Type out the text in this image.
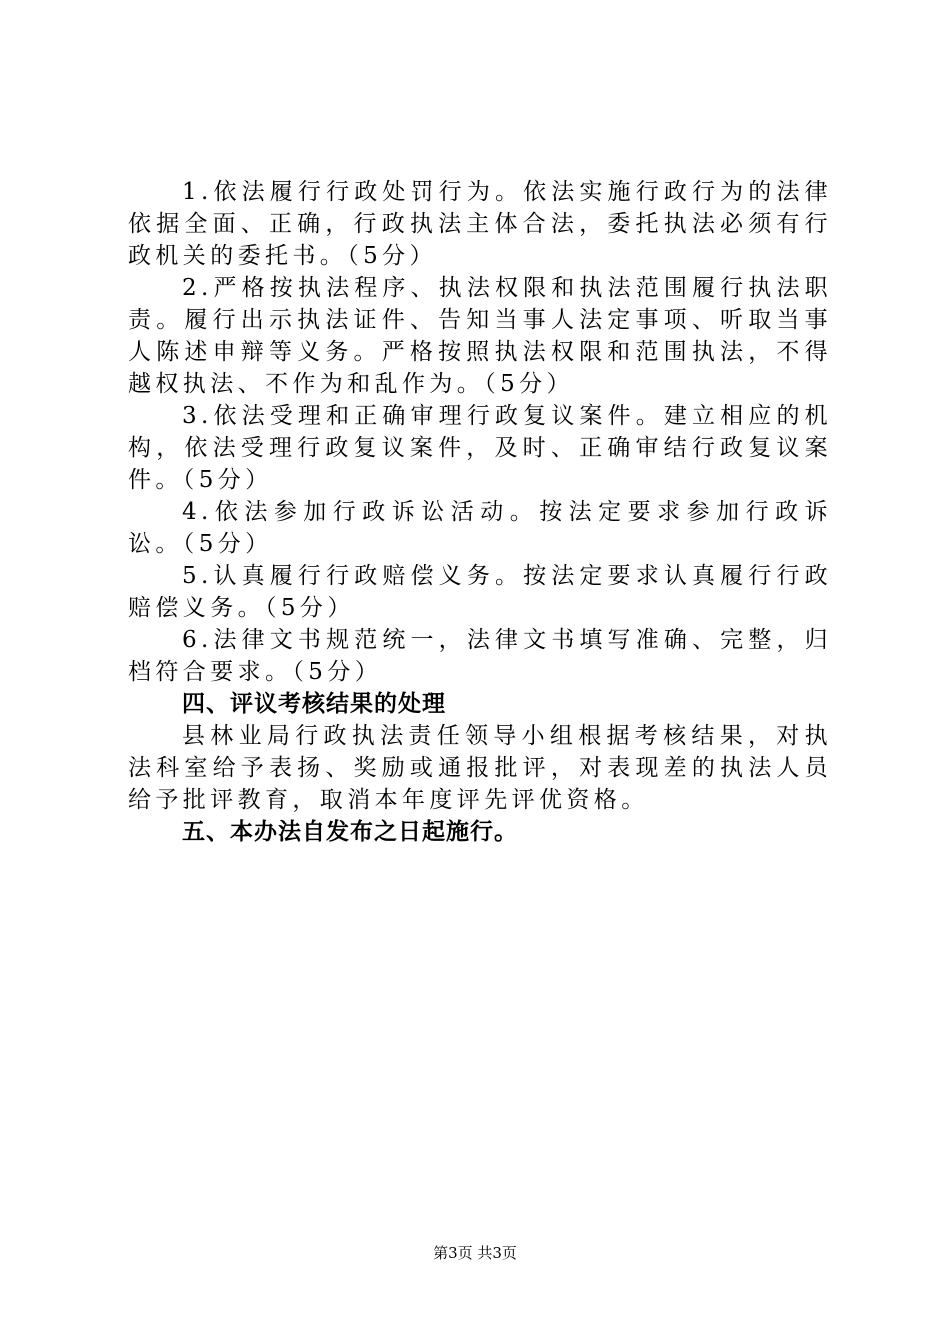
1.依法履行行政处罚行为。依法实施行政行为的法律依据全面、正确，行政执法主体合法，委托执法必须有行政机关的委托书。（5分）

2.严格按执法程序、执法权限和执法范围履行执法职责。履行出示执法证件、告知当事人法定事项、听取当事人陈述申辩等义务。严格按照执法权限和范围执法，不得越权执法、不作为和乱作为。（5分）

3.依法受理和正确审理行政复议案件。建立相应的机构，依法受理行政复议案件，及时、正确审结行政复议案件。（5分）

4.依法参加行政诉讼活动。按法定要求参加行政诉讼。（5分）

5.认真履行行政赔偿义务。按法定要求认真履行行政赔偿义务。（5分）

6.法律文书规范统一，法律文书填写准确、完整，归档符合要求。（5分）

四、评议考核结果的处理

县林业局行政执法责任领导小组根据考核结果，对执法科室给予表扬、奖励或通报批评，对表现差的执法人员给予批评教育，取消本年度评先评优资格。

五、本办法自发布之日起施行。

第3页 共3页
